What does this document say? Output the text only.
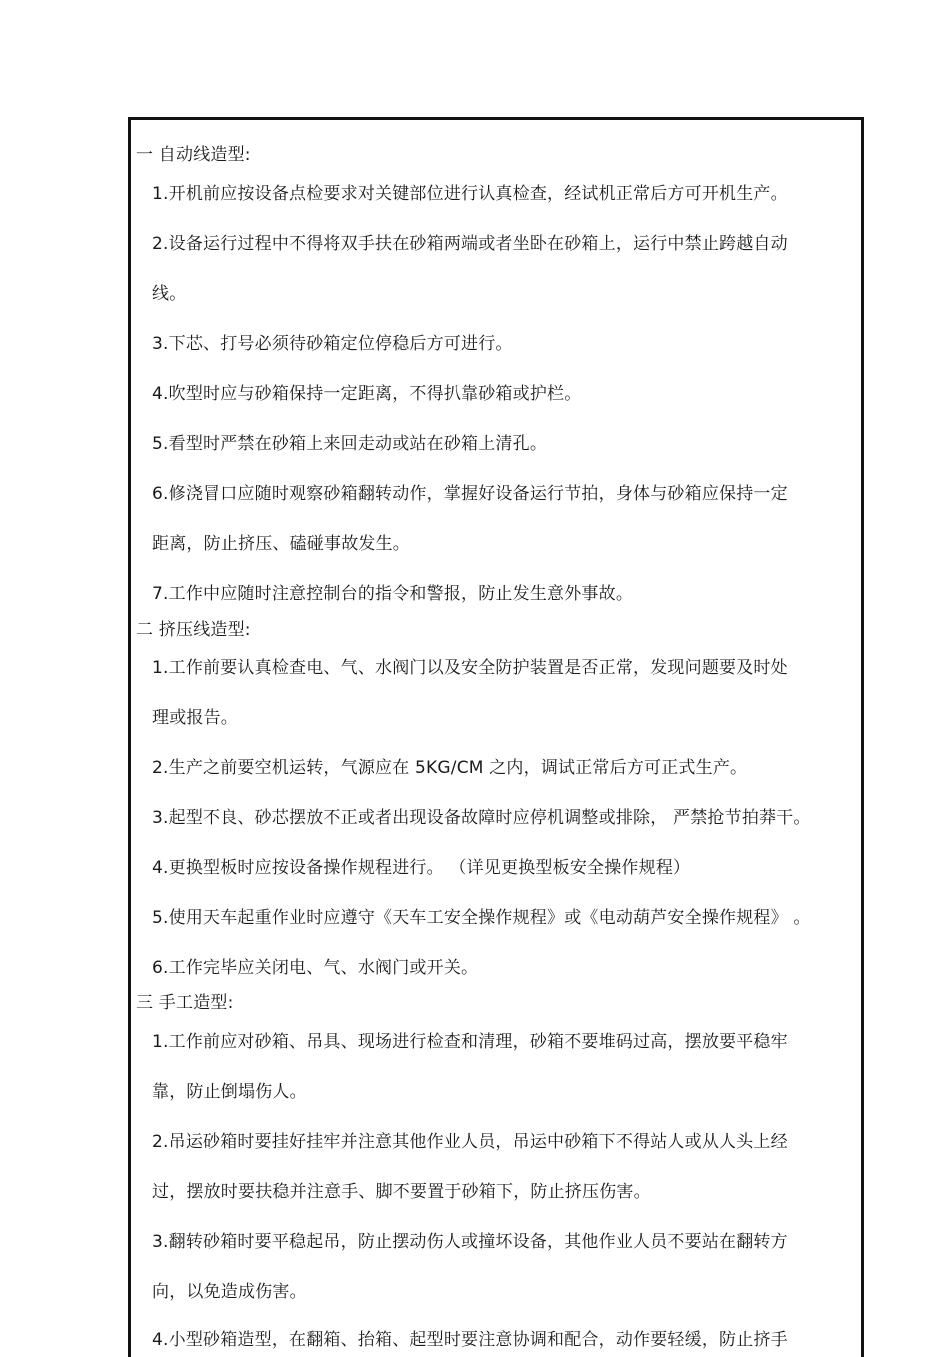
一 自动线造型:
1.开机前应按设备点检要求对关键部位进行认真检查，经试机正常后方可开机生产。
2.设备运行过程中不得将双手扶在砂箱两端或者坐卧在砂箱上，运行中禁止跨越自动
线。
3.下芯、打号必须待砂箱定位停稳后方可进行。
4.吹型时应与砂箱保持一定距离，不得扒靠砂箱或护栏。
5.看型时严禁在砂箱上来回走动或站在砂箱上清孔。
6.修浇冒口应随时观察砂箱翻转动作，掌握好设备运行节拍，身体与砂箱应保持一定
距离，防止挤压、磕碰事故发生。
7.工作中应随时注意控制台的指令和警报，防止发生意外事故。
二 挤压线造型:
1.工作前要认真检查电、气、水阀门以及安全防护装置是否正常，发现问题要及时处
理或报告。
2.生产之前要空机运转，气源应在 5KG/CM 之内，调试正常后方可正式生产。
3.起型不良、砂芯摆放不正或者出现设备故障时应停机调整或排除， 严禁抢节拍莽干。
4.更换型板时应按设备操作规程进行。 （详见更换型板安全操作规程）
5.使用天车起重作业时应遵守《天车工安全操作规程》或《电动葫芦安全操作规程》 。
6.工作完毕应关闭电、气、水阀门或开关。
三 手工造型:
1.工作前应对砂箱、吊具、现场进行检查和清理，砂箱不要堆码过高，摆放要平稳牢
靠，防止倒塌伤人。
2.吊运砂箱时要挂好挂牢并注意其他作业人员，吊运中砂箱下不得站人或从人头上经
过，摆放时要扶稳并注意手、脚不要置于砂箱下，防止挤压伤害。
3.翻转砂箱时要平稳起吊，防止摆动伤人或撞坏设备，其他作业人员不要站在翻转方
向，以免造成伤害。
4.小型砂箱造型，在翻箱、抬箱、起型时要注意协调和配合，动作要轻缓，防止挤手
